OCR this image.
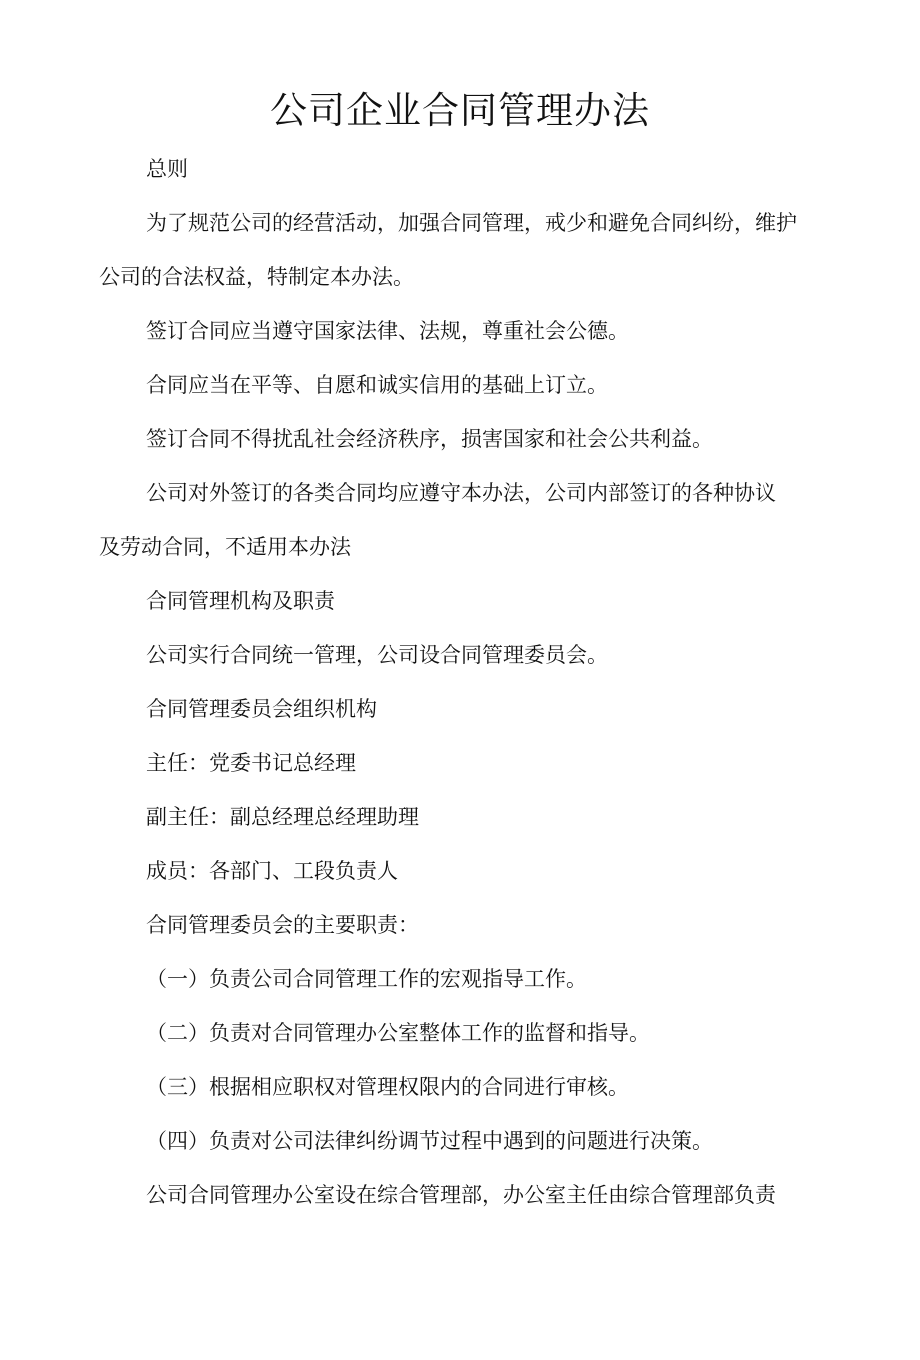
公司企业合同管理办法

总则

为了规范公司的经营活动，加强合同管理，戒少和避免合同纠纷，维护

公司的合法权益，特制定本办法。

签订合同应当遵守国家法律、法规，尊重社会公德。

合同应当在平等、自愿和诚实信用的基础上订立。

签订合同不得扰乱社会经济秩序，损害国家和社会公共利益。

公司对外签订的各类合同均应遵守本办法，公司内部签订的各种协议

及劳动合同，不适用本办法

合同管理机构及职责

公司实行合同统一管理，公司设合同管理委员会。

合同管理委员会组织机构

主任：党委书记总经理

副主任：副总经理总经理助理

成员：各部门、工段负责人

合同管理委员会的主要职责：

（一）负责公司合同管理工作的宏观指导工作。

（二）负责对合同管理办公室整体工作的监督和指导。

（三）根据相应职权对管理权限内的合同进行审核。

（四）负责对公司法律纠纷调节过程中遇到的问题进行决策。

公司合同管理办公室设在综合管理部，办公室主任由综合管理部负责
